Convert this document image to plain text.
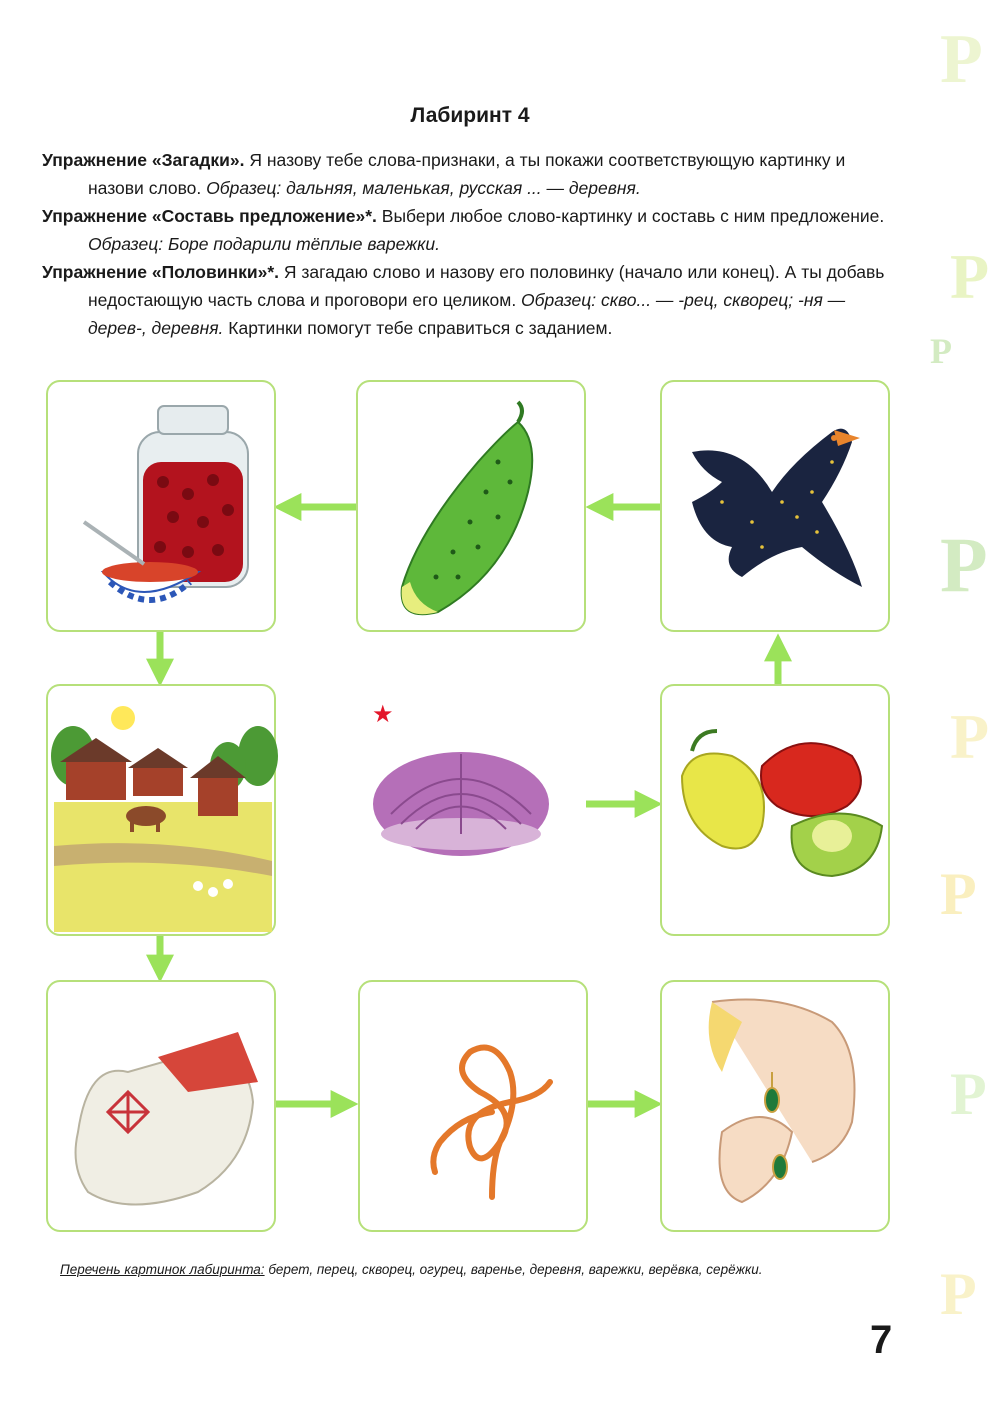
P
P
P
P
P
P
P
P
Лабиринт 4

Упражнение «Загадки». Я назову тебе слова-признаки, а ты покажи соответствующую картинку и назови слово. Образец: дальняя, маленькая, русская ... — деревня.

Упражнение «Составь предложение»*. Выбери любое слово-картинку и составь с ним предложение. Образец: Боре подарили тёплые варежки.

Упражнение «Половинки»*. Я загадаю слово и назову его половинку (начало или конец). А ты добавь недостающую часть слова и проговори его целиком. Образец: скво... — -рец, скворец; -ня — дерев-, деревня. Картинки помогут тебе справиться с заданием.

★
Перечень картинок лабиринта: берет, перец, скворец, огурец, варенье, деревня, варежки, верёвка, серёжки.
7
